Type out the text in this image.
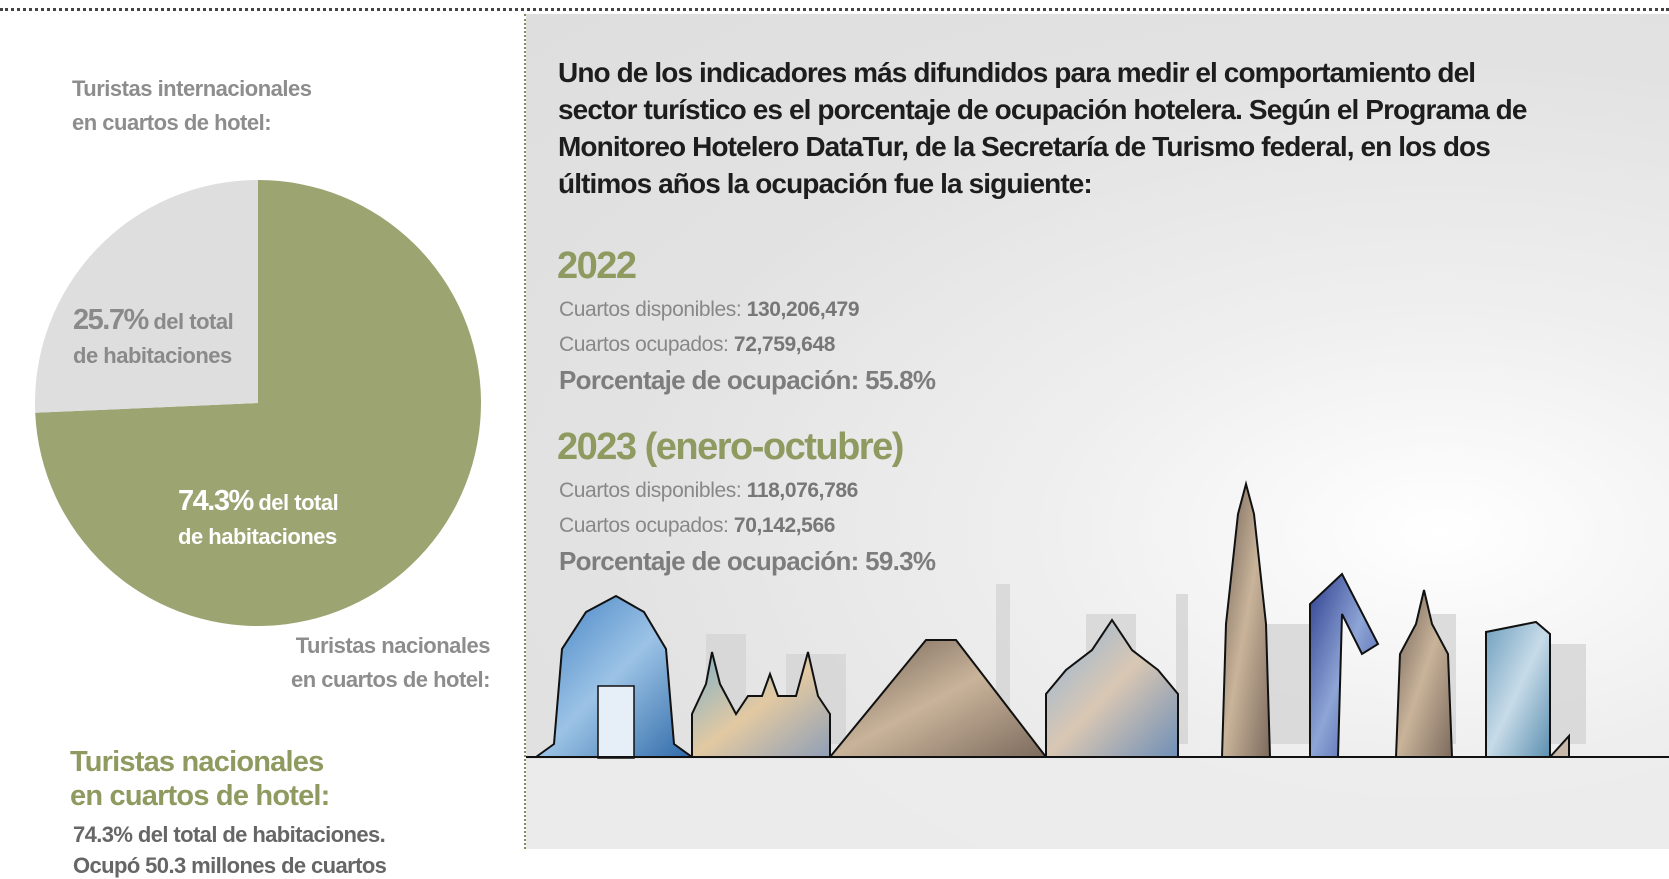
Turistas internacionales en cuartos de hotel:
25.7% del total
de habitaciones
74.3% del total
de habitaciones
Turistas nacionales en cuartos de hotel:
Turistas nacionales
en cuartos de hotel:
74.3% del total de habitaciones.
Ocupó 50.3 millones de cuartos
Uno de los indicadores más difundidos para medir el comportamiento del sector turístico es el porcentaje de ocupación hotelera. Según el Programa de Monitoreo Hotelero DataTur, de la Secretaría de Turismo federal, en los dos últimos años la ocupación fue la siguiente:
2022
Cuartos disponibles: 130,206,479
Cuartos ocupados: 72,759,648
Porcentaje de ocupación: 55.8%
2023 (enero-octubre)
Cuartos disponibles: 118,076,786
Cuartos ocupados: 70,142,566
Porcentaje de ocupación: 59.3%
